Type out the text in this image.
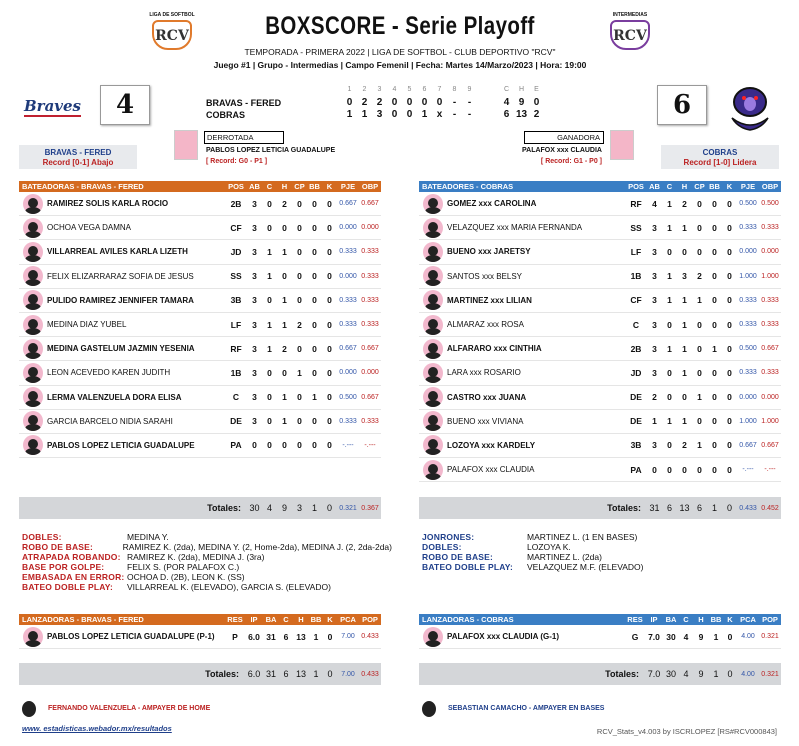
LIGA DE SOFTBOL
RCV
INTERMEDIAS
RCV
BOXSCORE - Serie Playoff
TEMPORADA - PRIMERA 2022 | LIGA DE SOFTBOL - CLUB DEPORTIVO "RCV"
Juego #1 | Grupo - Intermedias | Campo Femenil | Fecha: Martes 14/Marzo/2023 | Hora: 19:00
Braves	4	6
1	2	3	4	5	6	7	8	9	C	H	E
BRAVAS - FERED
COBRAS
0 2 2 0 0 0 0	-	-	4 9 0
1 1 3 0 0 1 x	-	-	6 13 2
BRAVAS - FERED
Record [0-1] Abajo
COBRAS
Record [1-0] Lidera
DERROTADA
PABLOS LOPEZ LETICIA GUADALUPE
[ Record: G0 - P1 ]
GANADORA
PALAFOX xxx CLAUDIA
[ Record: G1 - P0 ]
BATEADORAS - BRAVAS - FERED	POS AB C	H CP BB K	PJE OBP
RAMIREZ SOLIS KARLA ROCIO	2B	3	0	2	0	0	0	0.667 0.667
OCHOA VEGA DAMNA	CF	3	0	0	0	0	0	0.000 0.000
VILLARREAL AVILES KARLA LIZETH	JD	3	1	1	0	0	0	0.333 0.333
FELIX ELIZARRARAZ SOFIA DE JESUS	SS	3	1	0	0	0	0	0.000 0.333
PULIDO RAMIREZ JENNIFER TAMARA	3B	3	0	1	0	0	0	0.333 0.333
MEDINA DIAZ YUBEL	LF	3	1	1	2	0	0	0.333 0.333
MEDINA GASTELUM JAZMIN YESENIA	RF	3	1	2	0	0	0	0.667 0.667
LEON ACEVEDO KAREN JUDITH	1B	3	0	0	1	0	0	0.000 0.000
LERMA VALENZUELA DORA ELISA	C	3	0	1	0	1	0	0.500 0.667
GARCIA BARCELO NIDIA SARAHI	DE	3	0	1	0	0	0	0.333 0.333
PABLOS LOPEZ LETICIA GUADALUPE	PA	0	0	0	0	0	0	-.---	-.---
BATEADORES - COBRAS	POS AB C	H CP BB K	PJE OBP
GOMEZ xxx CAROLINA	RF	4	1	2	0	0	0	0.500 0.500
VELAZQUEZ xxx MARIA FERNANDA	SS	3	1	1	0	0	0	0.333 0.333
BUENO xxx JARETSY	LF	3	0	0	0	0	0	0.000 0.000
SANTOS xxx BELSY	1B	3	1	3	2	0	0	1.000 1.000
MARTINEZ xxx LILIAN	CF	3	1	1	1	0	0	0.333 0.333
ALMARAZ xxx ROSA	C	3	0	1	0	0	0	0.333 0.333
ALFARARO xxx CINTHIA	2B	3	1	1	0	1	0	0.500 0.667
LARA xxx ROSARIO	JD	3	0	1	0	0	0	0.333 0.333
CASTRO xxx JUANA	DE	2	0	0	1	0	0	0.000 0.000
BUENO xxx VIVIANA	DE	1	1	1	0	0	0	1.000 1.000
LOZOYA xxx KARDELY	3B	3	0	2	1	0	0	0.667 0.667
PALAFOX xxx CLAUDIA	PA	0	0	0	0	0	0	-.---	-.---
Totales: 30 4	9	3	1	0	0.321 0.367	Totales: 31 6 13 6	1	0	0.433 0.452
DOBLES:	MEDINA Y.
ROBO DE BASE:	RAMIREZ K. (2da), MEDINA Y. (2, Home-2da), MEDINA J. (2, 2da-2da)
ATRAPADA ROBANDO: RAMIREZ K. (2da), MEDINA J. (3ra)
BASE POR GOLPE:	FELIX S. (POR PALAFOX C.)
EMBASADA EN ERROR: OCHOA D. (2B), LEON K. (SS)
BATEO DOBLE PLAY:	VILLARREAL K. (ELEVADO), GARCIA S. (ELEVADO)
JONRONES:	MARTINEZ L. (1 EN BASES)
DOBLES:	LOZOYA K.
ROBO DE BASE:	MARTINEZ L. (2da)
BATEO DOBLE PLAY:	VELAZQUEZ M.F. (ELEVADO)
LANZADORAS - BRAVAS - FERED	RES	IP	BA C	H BB K PCA POP
PABLOS LOPEZ LETICIA GUADALUPE (P-1)	P	6.0 31 6 13 1	0	7.00 0.433
LANZADORAS - COBRAS	RES	IP	BA C	H BB K PCA POP
PALAFOX xxx CLAUDIA (G-1)	G	7.0 30 4	9	1	0	4.00 0.321
Totales: 6.0 31 6 13 1 0	7.00 0.433	Totales: 7.0 30 4	9	1 0	4.00 0.321
FERNANDO VALENZUELA - AMPAYER DE HOME	SEBASTIAN CAMACHO - AMPAYER EN BASES
www. estadisticas.webador.mx/resultados	RCV_Stats_v4.003 by ISCRLOPEZ [RS#RCV000843]
